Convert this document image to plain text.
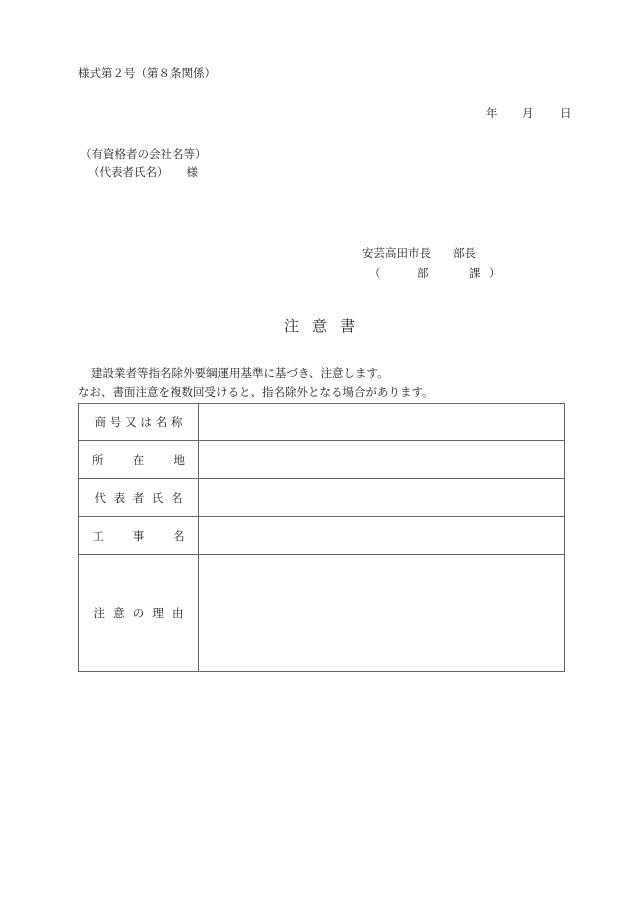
様式第２号（第８条関係）
年 月 日
（有資格者の会社名等）
（代表者氏名） 様
安芸高田市長 部長
（	部	課 ）
注意書
建設業者等指名除外要綱運用基準に基づき、注意します。
なお、書面注意を複数回受けると、指名除外となる場合があります。
商号又は名称	
所在地	
代表者氏名	
工事名	
注意の理由	
